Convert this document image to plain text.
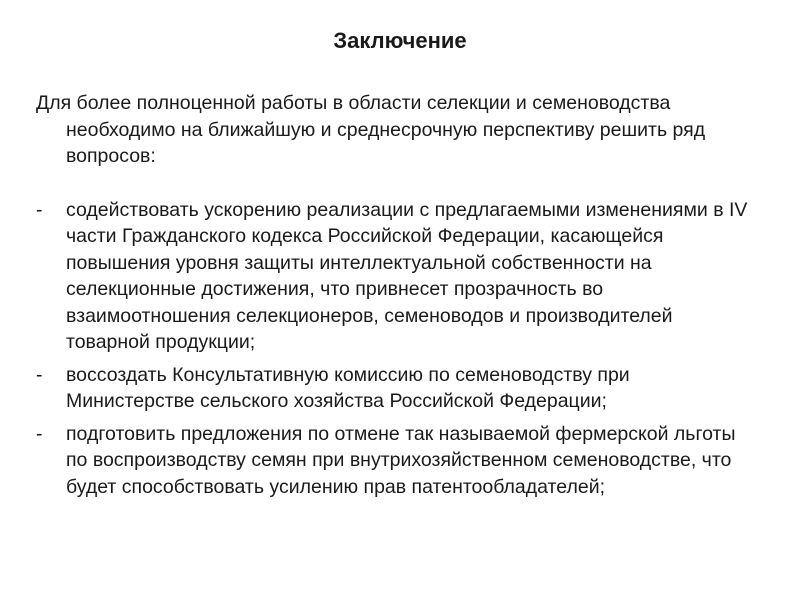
Заключение

Для более полноценной работы в области селекции и семеноводства необходимо на ближайшую и среднесрочную перспективу решить ряд вопросов:

- содействовать ускорению реализации с предлагаемыми изменениями в IV части Гражданского кодекса Российской Федерации, касающейся повышения уровня защиты интеллектуальной собственности на селекционные достижения, что привнесет прозрачность во взаимоотношения селекционеров, семеноводов и производителей товарной продукции;
- воссоздать Консультативную комиссию по семеноводству при Министерстве сельского хозяйства Российской Федерации;
- подготовить предложения по отмене так называемой фермерской льготы по воспроизводству семян при внутрихозяйственном семеноводстве, что будет способствовать усилению прав патентообладателей;
